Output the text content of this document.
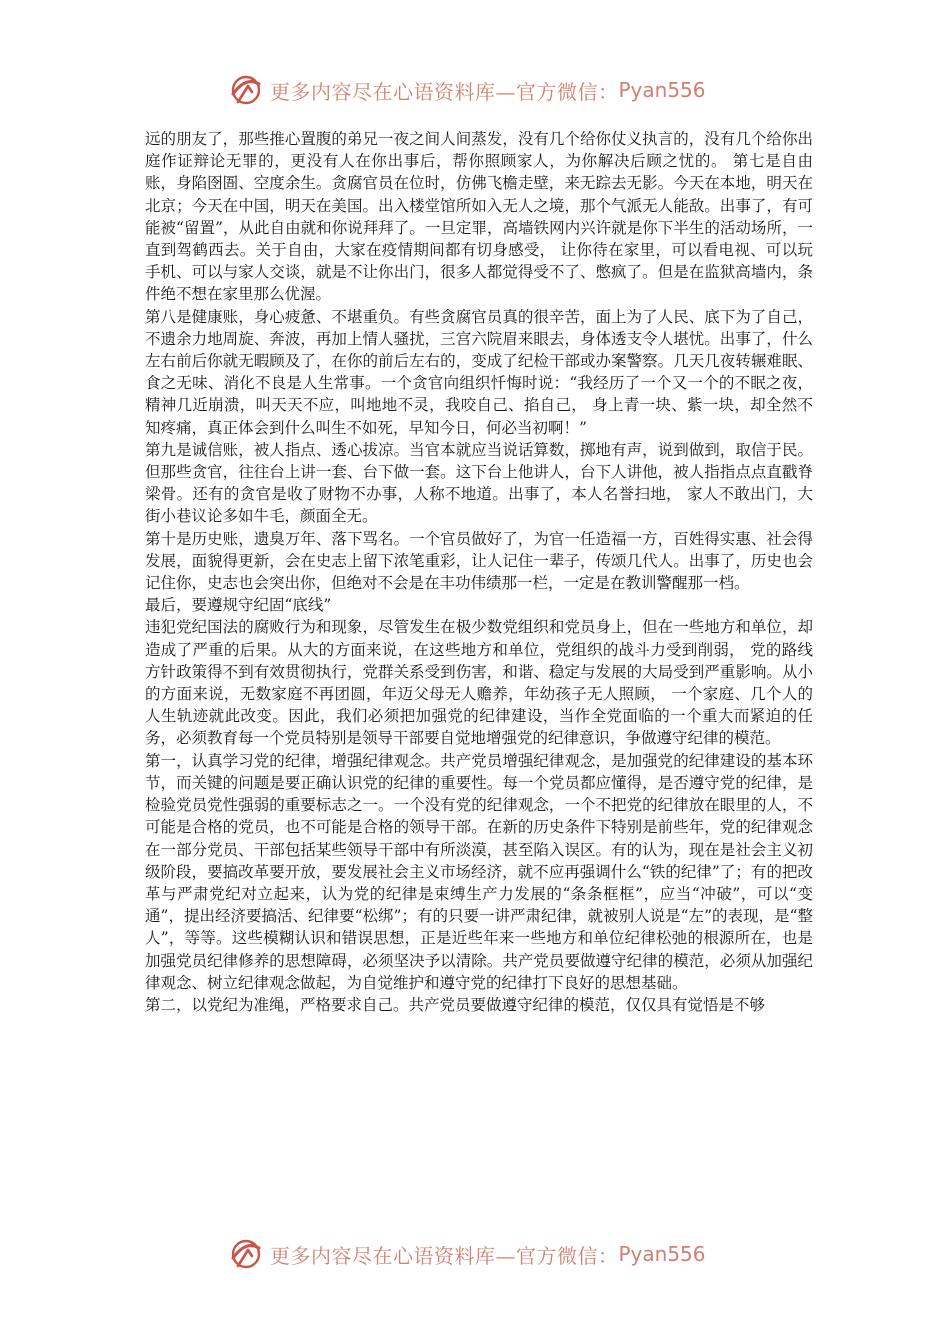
更多内容尽在心语资料库—官方微信： Pyan556

远的朋友了，那些推心置腹的弟兄一夜之间人间蒸发，没有几个给你仗义执言的，没有几个给你出庭作证辩论无罪的，更没有人在你出事后，帮你照顾家人，为你解决后顾之忧的。 第七是自由账，身陷囹圄、空度余生。贪腐官员在位时，仿佛飞檐走壁，来无踪去无影。今天在本地，明天在北京；今天在中国，明天在美国。出入楼堂馆所如入无人之境，那个气派无人能敌。出事了，有可能被“留置”，从此自由就和你说拜拜了。一旦定罪，高墙铁网内兴许就是你下半生的活动场所，一直到驾鹤西去。关于自由，大家在疫情期间都有切身感受， 让你待在家里，可以看电视、可以玩手机、可以与家人交谈，就是不让你出门，很多人都觉得受不了、憋疯了。但是在监狱高墙内，条件绝不想在家里那么优渥。

第八是健康账，身心疲惫、不堪重负。有些贪腐官员真的很辛苦，面上为了人民、底下为了自己，不遗余力地周旋、奔波，再加上情人骚扰，三宫六院眉来眼去，身体透支令人堪忧。出事了，什么左右前后你就无暇顾及了，在你的前后左右的，变成了纪检干部或办案警察。几天几夜转辗难眠、食之无味、消化不良是人生常事。一个贪官向组织忏悔时说：“我经历了一个又一个的不眠之夜，精神几近崩溃，叫天天不应，叫地地不灵，我咬自己、掐自己， 身上青一块、紫一块，却全然不知疼痛，真正体会到什么叫生不如死，早知今日，何必当初啊！”

第九是诚信账，被人指点、透心拔凉。当官本就应当说话算数，掷地有声，说到做到，取信于民。但那些贪官，往往台上讲一套、台下做一套。这下台上他讲人，台下人讲他，被人指指点点直戳脊梁骨。还有的贪官是收了财物不办事，人称不地道。出事了，本人名誉扫地， 家人不敢出门，大街小巷议论多如牛毛，颜面全无。

第十是历史账，遗臭万年、落下骂名。一个官员做好了，为官一任造福一方，百姓得实惠、社会得发展，面貌得更新，会在史志上留下浓笔重彩，让人记住一辈子，传颂几代人。出事了，历史也会记住你，史志也会突出你，但绝对不会是在丰功伟绩那一栏，一定是在教训警醒那一档。

最后，要遵规守纪固“底线”

违犯党纪国法的腐败行为和现象，尽管发生在极少数党组织和党员身上，但在一些地方和单位，却造成了严重的后果。从大的方面来说，在这些地方和单位，党组织的战斗力受到削弱， 党的路线方针政策得不到有效贯彻执行，党群关系受到伤害，和谐、稳定与发展的大局受到严重影响。从小的方面来说，无数家庭不再团圆，年迈父母无人赡养，年幼孩子无人照顾， 一个家庭、几个人的人生轨迹就此改变。因此，我们必须把加强党的纪律建设，当作全党面临的一个重大而紧迫的任务，必须教育每一个党员特别是领导干部要自觉地增强党的纪律意识，争做遵守纪律的模范。

第一，认真学习党的纪律，增强纪律观念。共产党员增强纪律观念，是加强党的纪律建设的基本环节，而关键的问题是要正确认识党的纪律的重要性。每一个党员都应懂得，是否遵守党的纪律，是检验党员党性强弱的重要标志之一。一个没有党的纪律观念，一个不把党的纪律放在眼里的人，不可能是合格的党员，也不可能是合格的领导干部。在新的历史条件下特别是前些年，党的纪律观念在一部分党员、干部包括某些领导干部中有所淡漠，甚至陷入误区。有的认为，现在是社会主义初级阶段，要搞改革要开放，要发展社会主义市场经济，就不应再强调什么“铁的纪律”了；有的把改革与严肃党纪对立起来，认为党的纪律是束缚生产力发展的“条条框框”，应当“冲破”，可以“变通”，提出经济要搞活、纪律要“松绑”；有的只要一讲严肃纪律，就被别人说是“左”的表现，是“整人”，等等。这些模糊认识和错误思想，正是近些年来一些地方和单位纪律松弛的根源所在，也是加强党员纪律修养的思想障碍，必须坚决予以清除。共产党员要做遵守纪律的模范，必须从加强纪律观念、树立纪律观念做起，为自觉维护和遵守党的纪律打下良好的思想基础。

第二，以党纪为准绳，严格要求自己。共产党员要做遵守纪律的模范，仅仅具有觉悟是不够

更多内容尽在心语资料库—官方微信： Pyan556
